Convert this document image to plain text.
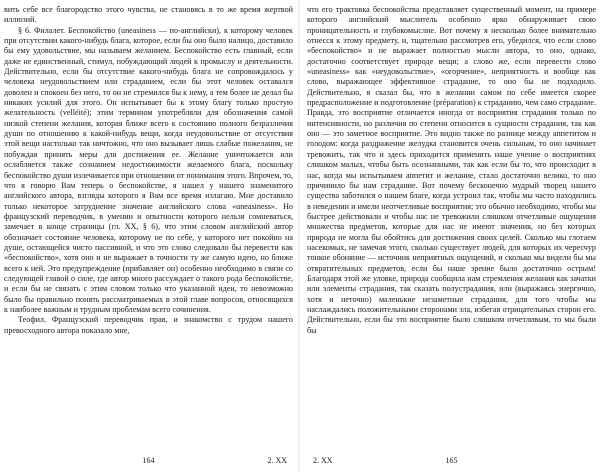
вить себе все благородство этого чувства, не становясь в то же время жертвой иллюзий.

§ 6. Филалет. Беспокойство (uneasiness — по-английски), к которому человек при отсутствии какого-нибудь блага, которое, если бы оно было налицо, доставило бы ему удовольствие, мы называем желанием. Беспокойство есть главный, если даже не единственный, стимул, побуждающий людей к промыслу и деятельности. Действительно, если бы отсутствие какого-нибудь блага не сопровождалось у человека неудовольствием или страданием, если бы этот человек оставался доволен и спокоен без него, то он не стремился бы к нему, а тем более не делал бы никаких усилий для этого. Он испытывает бы к этому благу только простую желательность (velléité); этим термином употребляли для обозначения самой низкой степени желания, которая ближе всего к состоянию полного безразличия души по отношению к какой-нибудь вещи, когда неудовольствие от отсутствия этой вещи настолько так ничтожно, что оно вызывает лишь слабые пожелания, не побуждая принять меры для достижения ее. Желание уничтожается или ослабляется также сознанием недостижимости желаемого блага, поскольку беспокойство души излечивается при отношении от понимания этого. Впрочем, то, что я говорю Вам теперь о беспокойстве, я нашел у нашего знаменитого английского автора, взгляды которого я Вам все время излагаю. Мне доставило только некоторое затруднение значение английского слова «uneasiness». Но французский переводчик, в умении и опытности которого нельзя сомневаться, замечает в конце страницы (гл. XX, § 6), что этим словом английский автор обозначает состояние человека, которому не по себе, у которого нет покойно на душе, остающейся чисто пассивной, и что это слово следовало бы перевести как «беспокойство», хотя оно и не выражает в точности ту же самую идею, но ближе всего к ней. Это предупреждение (прибавляет он) особенно необходимо в связи со следующей главой о силе, где автор много рассуждает о такого рода беспокойстве, и если бы не связать с этим словом только что указанной идеи, то невозможно было бы правильно понять рассматриваемых в этой главе вопросов, относящихся к наиболее важным и трудным проблемам всего сочинения.

Теофил. Французский переводчик прав, и знакомство с трудом нашего превосходного автора показало мне,

164	2. XX

что его трактовка беспокойства представляет существенный момент, на примере которого английский мыслитель особенно ярко обнаруживает свою проницательность и глубокомыслие. Вот почему я несколько более внимательно отнесся к этому предмету, и, тщательно рассмотрев его, убедился, что если слово «беспокойство» и не выражает полностью мысли автора, то оно, однако, достаточно соответствует природе вещи; а слово же, если перевести слово «uneasiness» как «неудовольствие», «огорчение», неприятность и вообще как слово, выражающее эффективное страдание, то оно бы не подходило. Действительно, я сказал бы, что в желании самом по себе имеется скорее предрасположение и подготовление (préparation) к страданию, чем само страдание. Правда, это восприятие отличается иногда от восприятия страдания только по интенсивности, но различия по степени относится к сущности страдания, так как оно — это заметное восприятие. Это видно также по разнице между аппетитом и голодом: когда раздражение желудка становится очень сильным, то оно начинает тревожить, так что и здесь приходится применить наше учение о восприятиях слишком малых, чтобы быть осознанными, так как если бы то, что происходит в нас, когда мы испытываем аппетит и желание, стало достаточно велико, то оно причинило бы нам страдание. Вот почему бесконечно мудрый творец нашего существа заботился о нашем благе, когда устроил так, чтобы мы часто находились в неведении и имели неотчетливые восприятия; это обычно необходимо, чтобы мы быстрее действовали и чтобы нас не тревожили слишком отчетливые ощущения множества предметов, которые для нас не имеют значения, но без которых природа не могла бы обойтись для достижения своих целей. Сколько мы глотаем насекомых, не замечая этого, сколько существует людей, для которых их чересчур тонкое обоняние — источник неприятных ощущений, и сколько мы видели бы мы отвратительных предметов, если бы наше зрение было достаточно острым! Благодаря этой же уловке, природа сообщила нам стремления желания как зачатки или элементы страдания, так сказать полустрадания, или (выражаясь энергично, хотя и неточно) маленькие незаметные страдания, для того чтобы мы наслаждались положительными сторонами зла, избегая отрицательных сторон его. Действительно, если бы это восприятие было слишком отчетливым, то мы были бы

2. XX	165
